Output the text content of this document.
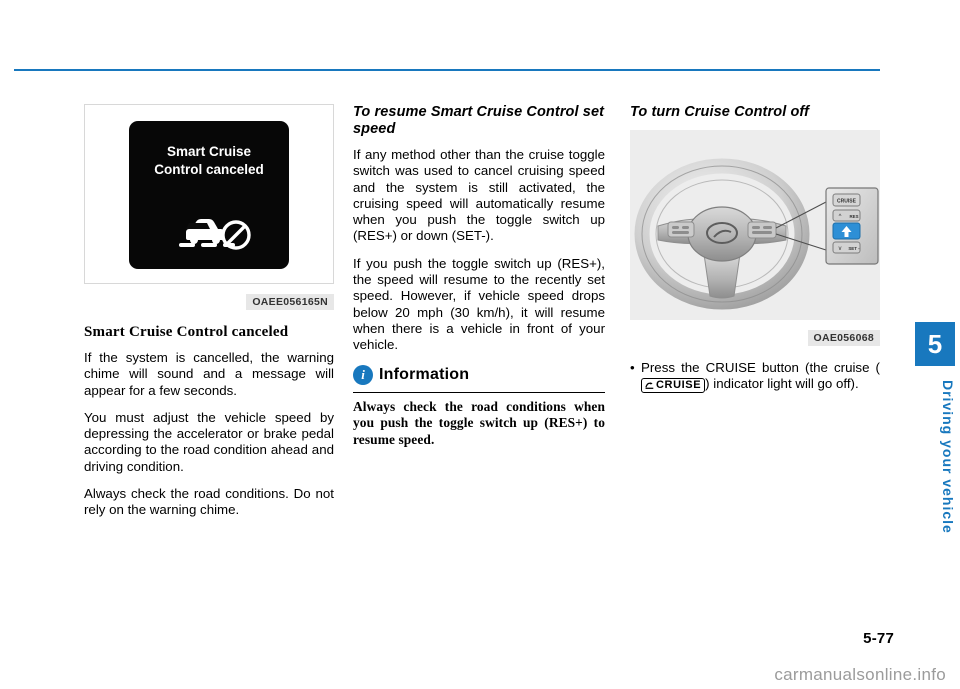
Smart Cruise
Control canceled
OAEE056165N
Smart Cruise Control canceled

If the system is cancelled, the warning chime will sound and a message will appear for a few seconds.

You must adjust the vehicle speed by depressing the accelerator or brake pedal according to the road condition ahead and driving condition.

Always check the road conditions. Do not rely on the warning chime.

To resume Smart Cruise Control set speed

If any method other than the cruise toggle switch was used to cancel cruising speed and the system is still activated, the cruising speed will automatically resume when you push the toggle switch up (RES+) or down (SET-).

If you push the toggle switch up (RES+), the speed will resume to the recently set speed. However, if vehicle speed drops below 20 mph (30 km/h), it will resume when there is a vehicle in front of your vehicle.

i Information

Always check the road conditions when you push the toggle switch up (RES+) to resume speed.

To turn Cruise Control off
CRUISE
^ RES
v SET -
OAE056068
• Press the CRUISE button (the cruise (
CRUISE ) indicator light will go off).
5-77
5
Driving your vehicle
carmanualsonline.info
